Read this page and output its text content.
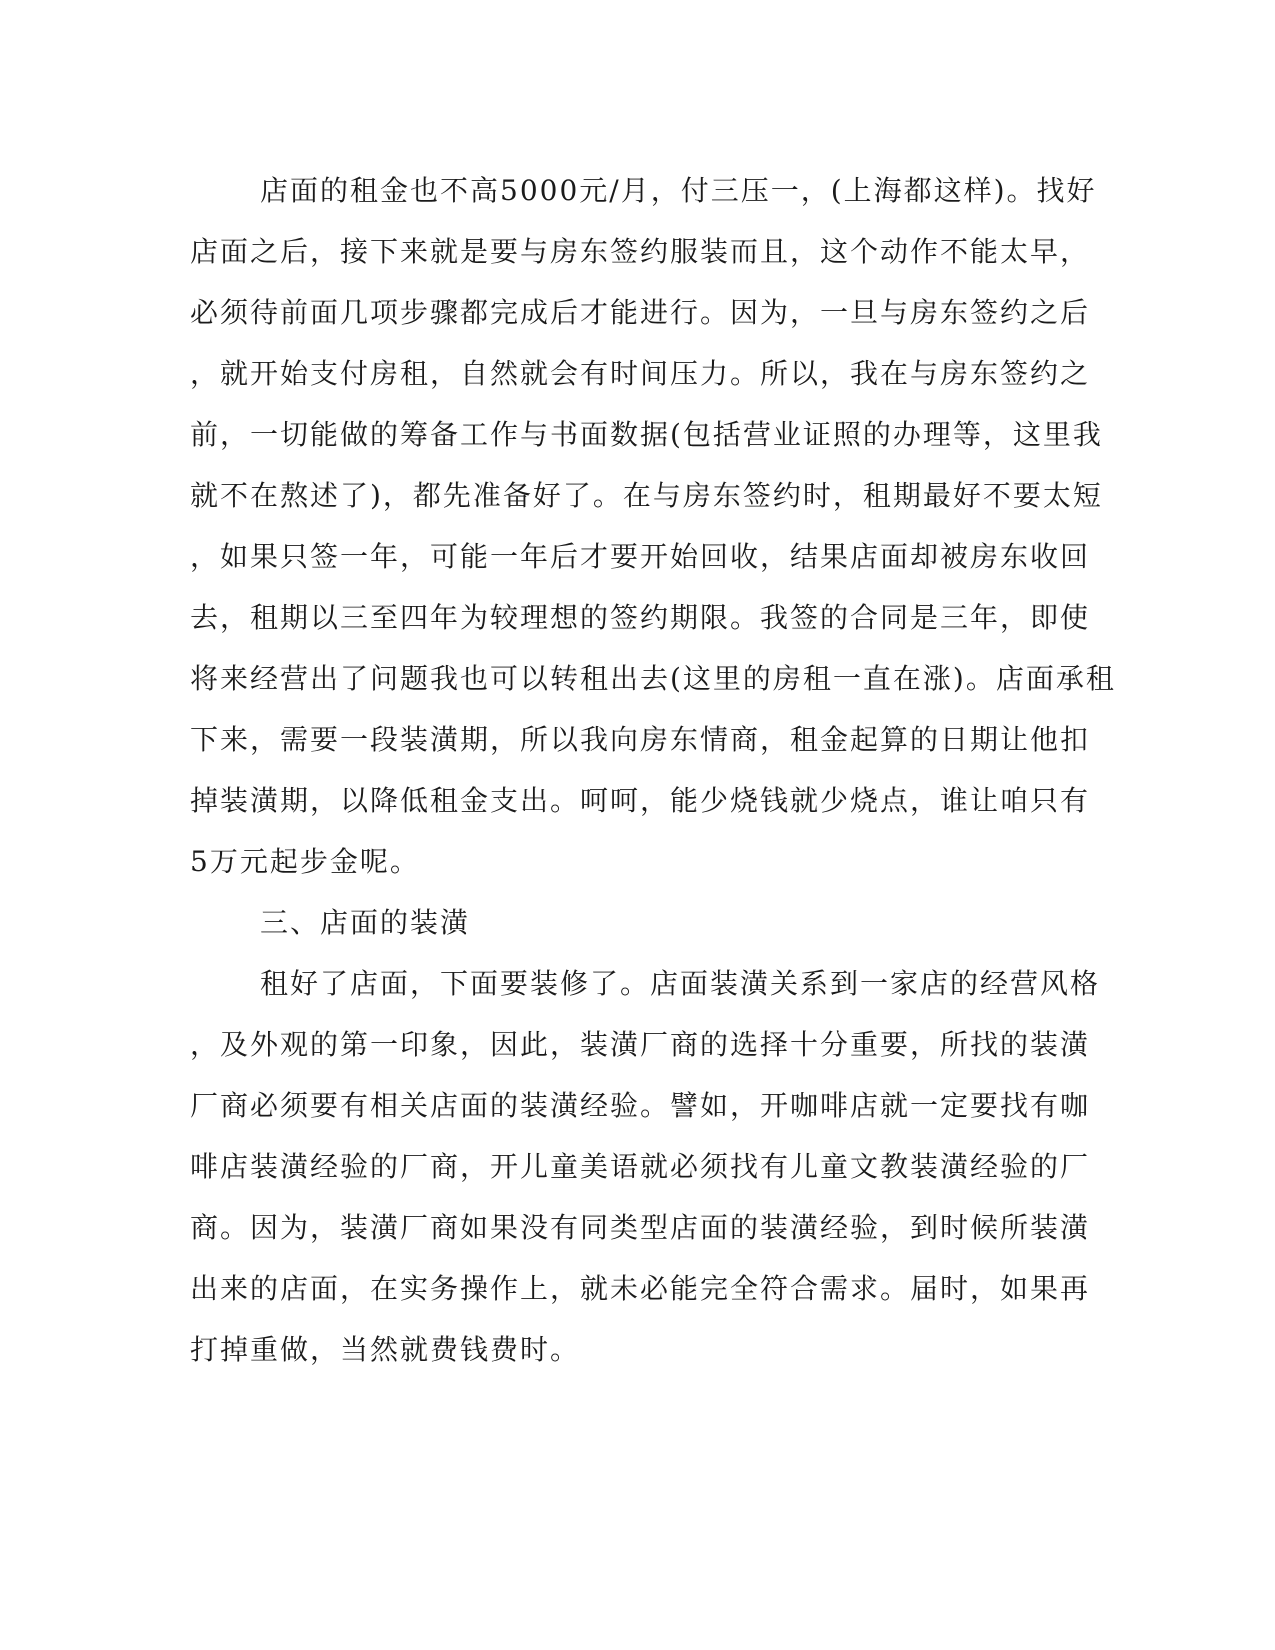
店面的租金也不高5000元/月，付三压一，(上海都这样)。找好
店面之后，接下来就是要与房东签约服装而且，这个动作不能太早，
必须待前面几项步骤都完成后才能进行。因为，一旦与房东签约之后
，就开始支付房租，自然就会有时间压力。所以，我在与房东签约之
前，一切能做的筹备工作与书面数据(包括营业证照的办理等，这里我
就不在熬述了)，都先准备好了。在与房东签约时，租期最好不要太短
，如果只签一年，可能一年后才要开始回收，结果店面却被房东收回
去，租期以三至四年为较理想的签约期限。我签的合同是三年，即使
将来经营出了问题我也可以转租出去(这里的房租一直在涨)。店面承租
下来，需要一段装潢期，所以我向房东情商，租金起算的日期让他扣
掉装潢期，以降低租金支出。呵呵，能少烧钱就少烧点，谁让咱只有
5万元起步金呢。
三、店面的装潢
租好了店面，下面要装修了。店面装潢关系到一家店的经营风格
，及外观的第一印象，因此，装潢厂商的选择十分重要，所找的装潢
厂商必须要有相关店面的装潢经验。譬如，开咖啡店就一定要找有咖
啡店装潢经验的厂商，开儿童美语就必须找有儿童文教装潢经验的厂
商。因为，装潢厂商如果没有同类型店面的装潢经验，到时候所装潢
出来的店面，在实务操作上，就未必能完全符合需求。届时，如果再
打掉重做，当然就费钱费时。
